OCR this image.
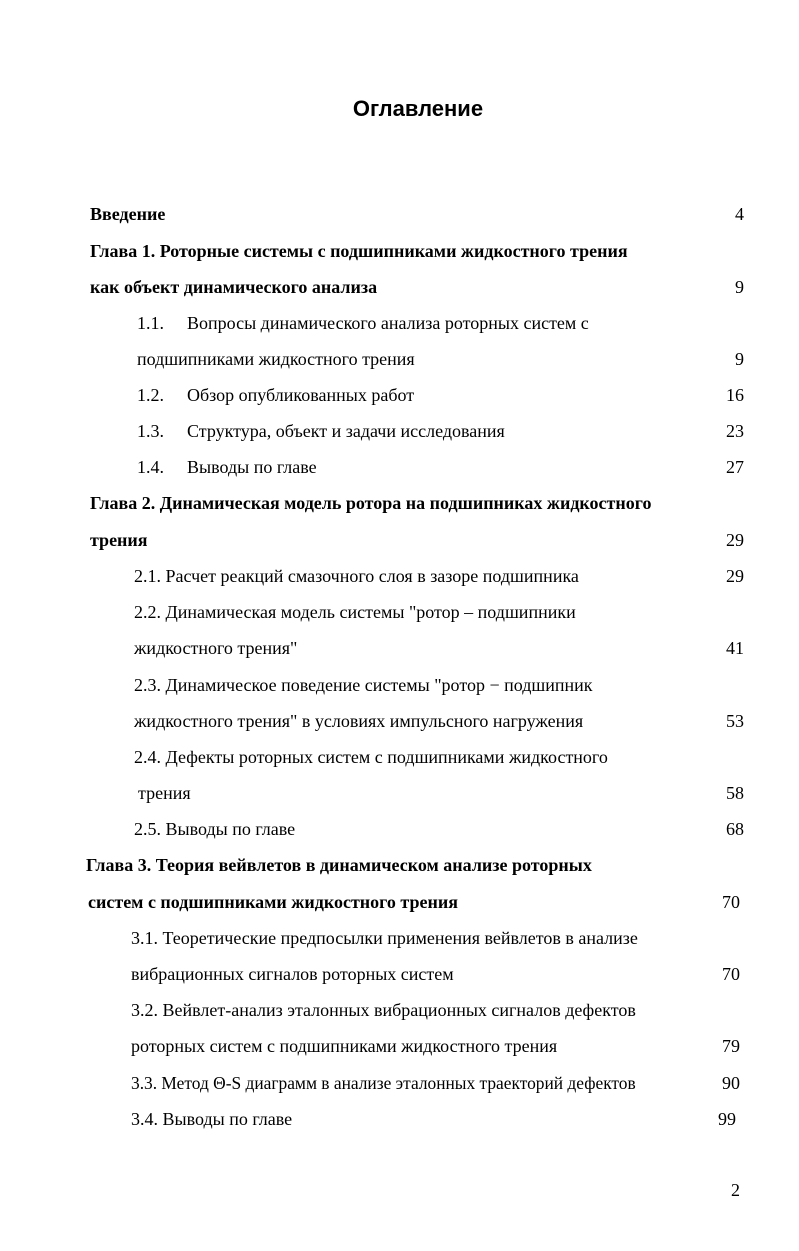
Оглавление
Введение	4
Глава 1. Роторные системы с подшипниками жидкостного трения
как объект динамического анализа	9
1.1. Вопросы динамического анализа роторных систем с
подшипниками жидкостного трения	9
1.2. Обзор опубликованных работ	16
1.3. Структура, объект и задачи исследования	23
1.4. Выводы по главе	27
Глава 2. Динамическая модель ротора на подшипниках жидкостного
трения	29
2.1. Расчет реакций смазочного слоя в зазоре подшипника	29
2.2. Динамическая модель системы "ротор – подшипники
жидкостного трения"	41
2.3. Динамическое поведение системы "ротор − подшипник
жидкостного трения" в условиях импульсного нагружения	53
2.4. Дефекты роторных систем с подшипниками жидкостного
трения	58
2.5. Выводы по главе	68
Глава 3. Теория вейвлетов в динамическом анализе роторных
систем с подшипниками жидкостного трения	70
3.1. Теоретические предпосылки применения вейвлетов в анализе
вибрационных сигналов роторных систем	70
3.2. Вейвлет-анализ эталонных вибрационных сигналов дефектов
роторных систем с подшипниками жидкостного трения	79
3.3. Метод Θ-S диаграмм в анализе эталонных траекторий дефектов	90
3.4. Выводы по главе	99
2
